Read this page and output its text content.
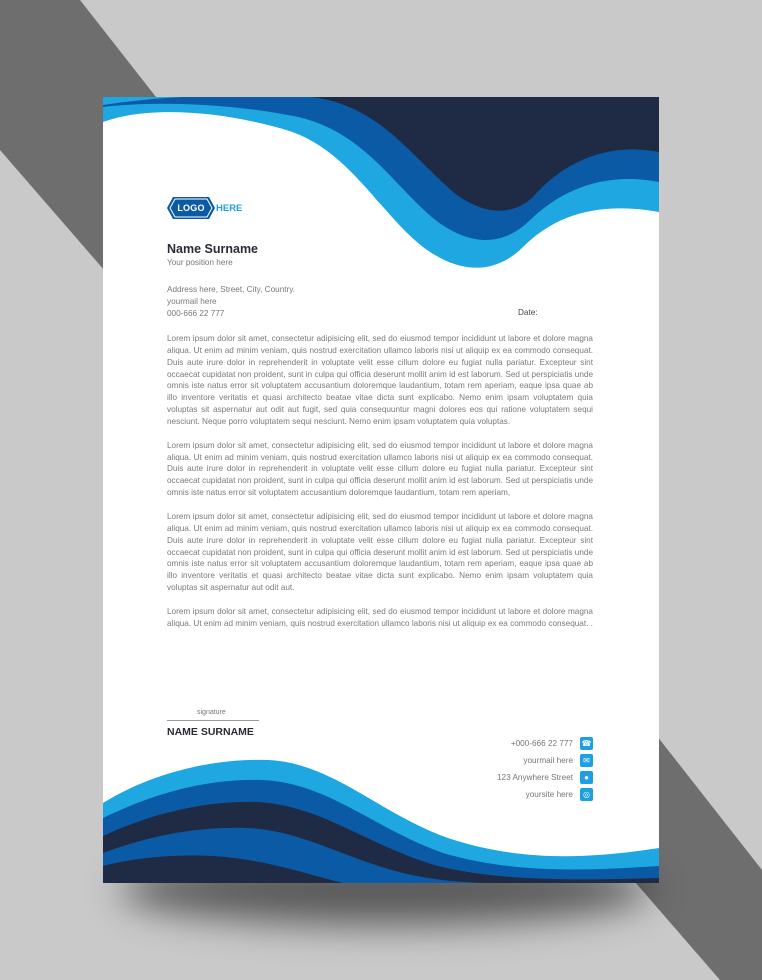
LOGO	HERE
Name Surname
Your position here
Address here, Street, City, Country.
yourmail here
000-666 22 777	Date:

Lorem ipsum dolor sit amet, consectetur adipisicing elit, sed do eiusmod tempor incididunt ut labore et dolore magna aliqua. Ut enim ad minim veniam, quis nostrud exercitation ullamco laboris nisi ut aliquip ex ea commodo consequat. Duis aute irure dolor in reprehenderit in voluptate velit esse cillum dolore eu fugiat nulla pariatur. Excepteur sint occaecat cupidatat non proident, sunt in culpa qui officia deserunt mollit anim id est laborum. Sed ut perspiciatis unde omnis iste natus error sit voluptatem accusantium doloremque laudantium, totam rem aperiam, eaque ipsa quae ab illo inventore veritatis et quasi architecto beatae vitae dicta sunt explicabo. Nemo enim ipsam voluptatem quia voluptas sit aspernatur aut odit aut fugit, sed quia consequuntur magni dolores eos qui ratione voluptatem sequi nesciunt. Neque porro voluptatem sequi nesciunt. Nemo enim ipsam voluptatem quia voluptas.

Lorem ipsum dolor sit amet, consectetur adipisicing elit, sed do eiusmod tempor incididunt ut labore et dolore magna aliqua. Ut enim ad minim veniam, quis nostrud exercitation ullamco laboris nisi ut aliquip ex ea commodo consequat. Duis aute irure dolor in reprehenderit in voluptate velit esse cillum dolore eu fugiat nulla pariatur. Excepteur sint occaecat cupidatat non proident, sunt in culpa qui officia deserunt mollit anim id est laborum. Sed ut perspiciatis unde omnis iste natus error sit voluptatem accusantium doloremque laudantium, totam rem aperiam,

Lorem ipsum dolor sit amet, consectetur adipisicing elit, sed do eiusmod tempor incididunt ut labore et dolore magna aliqua. Ut enim ad minim veniam, quis nostrud exercitation ullamco laboris nisi ut aliquip ex ea commodo consequat. Duis aute irure dolor in reprehenderit in voluptate velit esse cillum dolore eu fugiat nulla pariatur. Excepteur sint occaecat cupidatat non proident, sunt in culpa qui officia deserunt mollit anim id est laborum. Sed ut perspiciatis unde omnis iste natus error sit voluptatem accusantium doloremque laudantium, totam rem aperiam, eaque ipsa quae ab illo inventore veritatis et quasi architecto beatae vitae dicta sunt explicabo. Nemo enim ipsam voluptatem quia voluptas sit aspernatur aut odit aut.

Lorem ipsum dolor sit amet, consectetur adipisicing elit, sed do eiusmod tempor incididunt ut labore et dolore magna aliqua. Ut enim ad minim veniam, quis nostrud exercitation ullamco laboris nisi ut aliquip ex ea commodo consequat. .

signature
NAME SURNAME
+000-666 22 777 ☎
yourmail here	✉
123 Anywhere Street	●
yoursite here	◎
